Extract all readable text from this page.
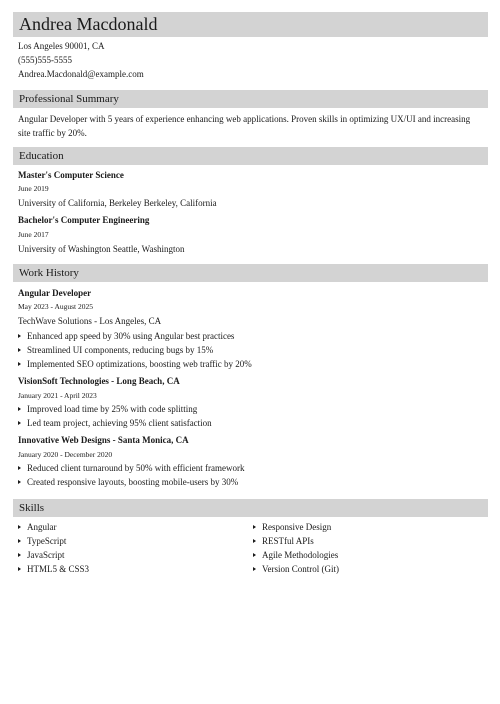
Andrea Macdonald
Los Angeles 90001, CA
(555)555-5555
Andrea.Macdonald@example.com
Professional Summary
Angular Developer with 5 years of experience enhancing web applications. Proven skills in optimizing UX/UI and increasing site traffic by 20%.
Education
Master's Computer Science
June 2019
University of California, Berkeley Berkeley, California
Bachelor's Computer Engineering
June 2017
University of Washington Seattle, Washington
Work History
Angular Developer
May 2023 - August 2025
TechWave Solutions - Los Angeles, CA
Enhanced app speed by 30% using Angular best practices
Streamlined UI components, reducing bugs by 15%
Implemented SEO optimizations, boosting web traffic by 20%
VisionSoft Technologies - Long Beach, CA
January 2021 - April 2023
Improved load time by 25% with code splitting
Led team project, achieving 95% client satisfaction
Innovative Web Designs - Santa Monica, CA
January 2020 - December 2020
Reduced client turnaround by 50% with efficient framework
Created responsive layouts, boosting mobile-users by 30%
Skills
Angular
TypeScript
JavaScript
HTML5 & CSS3
Responsive Design
RESTful APIs
Agile Methodologies
Version Control (Git)
